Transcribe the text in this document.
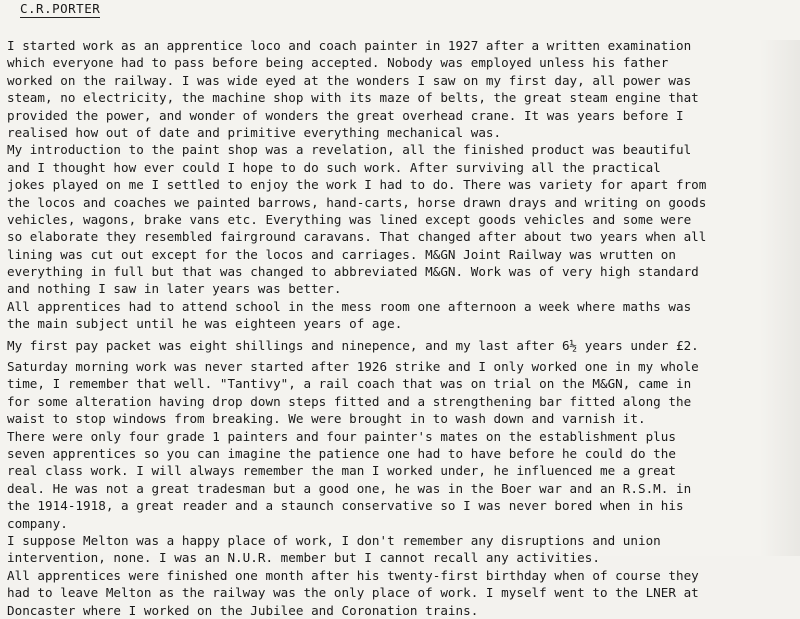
C.R.PORTER
I started work as an apprentice loco and coach painter in 1927 after a written examination
which everyone had to pass before being accepted. Nobody was employed unless his father
worked on the railway. I was wide eyed at the wonders I saw on my first day, all power was
steam, no electricity, the machine shop with its maze of belts, the great steam engine that
provided the power, and wonder of wonders the great overhead crane. It was years before I
realised how out of date and primitive everything mechanical was.
My introduction to the paint shop was a revelation, all the finished product was beautiful
and I thought how ever could I hope to do such work. After surviving all the practical
jokes played on me I settled to enjoy the work I had to do. There was variety for apart from
the locos and coaches we painted barrows, hand-carts, horse drawn drays and writing on goods
vehicles, wagons, brake vans etc. Everything was lined except goods vehicles and some were
so elaborate they resembled fairground caravans. That changed after about two years when all
lining was cut out except for the locos and carriages. M&GN Joint Railway was wrutten on
everything in full but that was changed to abbreviated M&GN. Work was of very high standard
and nothing I saw in later years was better.
All apprentices had to attend school in the mess room one afternoon a week where maths was
the main subject until he was eighteen years of age.
My first pay packet was eight shillings and ninepence, and my last after 6½ years under £2.
Saturday morning work was never started after 1926 strike and I only worked one in my whole
time, I remember that well. "Tantivy", a rail coach that was on trial on the M&GN, came in
for some alteration having drop down steps fitted and a strengthening bar fitted along the
waist to stop windows from breaking. We were brought in to wash down and varnish it.
There were only four grade 1 painters and four painter's mates on the establishment plus
seven apprentices so you can imagine the patience one had to have before he could do the
real class work. I will always remember the man I worked under, he influenced me a great
deal. He was not a great tradesman but a good one, he was in the Boer war and an R.S.M. in
the 1914-1918, a great reader and a staunch conservative so I was never bored when in his
company.
I suppose Melton was a happy place of work, I don't remember any disruptions and union
intervention, none. I was an N.U.R. member but I cannot recall any activities.
All apprentices were finished one month after his twenty-first birthday when of course they
had to leave Melton as the railway was the only place of work. I myself went to the LNER at
Doncaster where I worked on the Jubilee and Coronation trains.
